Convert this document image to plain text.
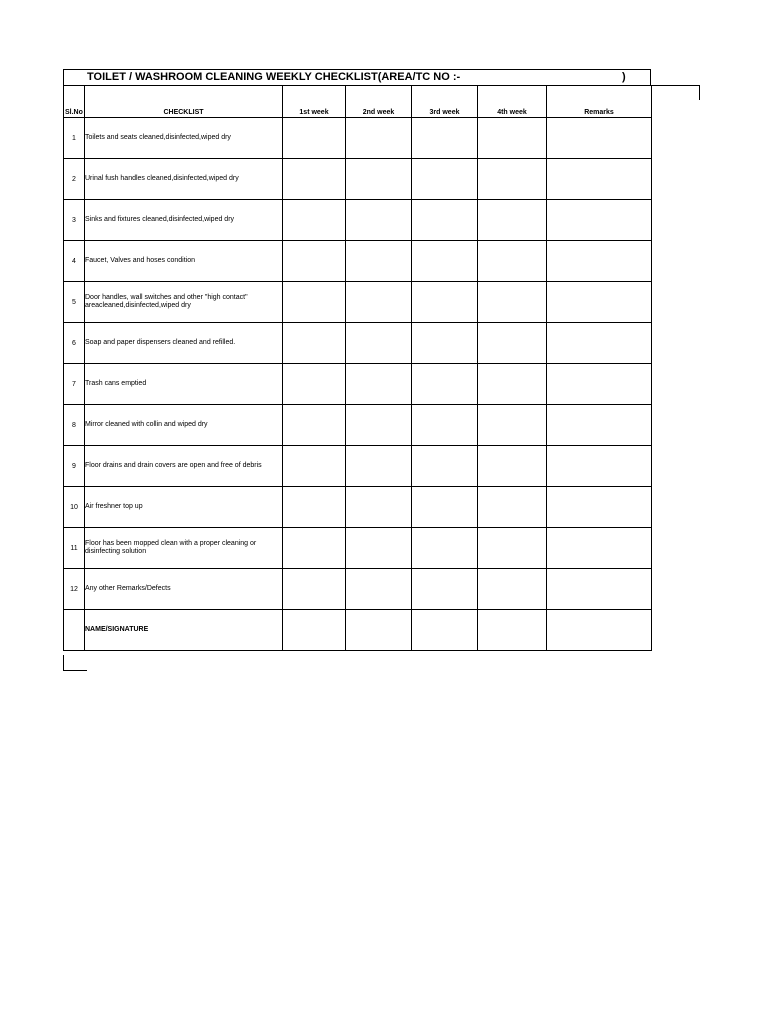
TOILET / WASHROOM CLEANING WEEKLY CHECKLIST(AREA/TC NO :-	)
Sl.No	CHECKLIST	1st week	2nd week	3rd week	4th week	Remarks
1	Toilets and seats cleaned,disinfected,wiped dry					
2	Urinal fush handles cleaned,disinfected,wiped dry					
3	Sinks and fixtures cleaned,disinfected,wiped dry					
4	Faucet, Valves and hoses condition					
5	Door handles, wall switches and other "high contact" areacleaned,disinfected,wiped dry					
6	Soap and paper dispensers cleaned and refilled.					
7	Trash cans emptied					
8	Mirror cleaned with collin and wiped dry					
9	Floor drains and drain covers are open and free of debris					
10	Air freshner top up					
11	Floor has been mopped clean with a proper cleaning or disinfecting solution					
12	Any other Remarks/Defects					
	NAME/SIGNATURE					
